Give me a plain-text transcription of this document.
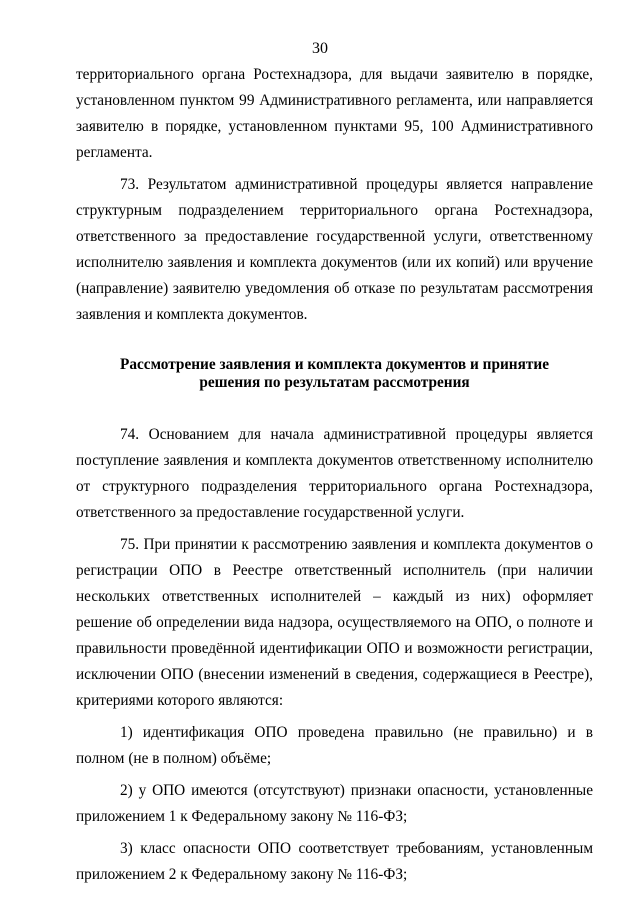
30

территориального органа Ростехнадзора, для выдачи заявителю в порядке, установленном пунктом 99 Административного регламента, или направляется заявителю в порядке, установленном пунктами 95, 100 Административного регламента.

73. Результатом административной процедуры является направление структурным подразделением территориального органа Ростехнадзора, ответственного за предоставление государственной услуги, ответственному исполнителю заявления и комплекта документов (или их копий) или вручение (направление) заявителю уведомления об отказе по результатам рассмотрения заявления и комплекта документов.

Рассмотрение заявления и комплекта документов и принятие
решения по результатам рассмотрения

74. Основанием для начала административной процедуры является поступление заявления и комплекта документов ответственному исполнителю от структурного подразделения территориального органа Ростехнадзора, ответственного за предоставление государственной услуги.

75. При принятии к рассмотрению заявления и комплекта документов о регистрации ОПО в Реестре ответственный исполнитель (при наличии нескольких ответственных исполнителей – каждый из них) оформляет решение об определении вида надзора, осуществляемого на ОПО, о полноте и правильности проведённой идентификации ОПО и возможности регистрации, исключении ОПО (внесении изменений в сведения, содержащиеся в Реестре), критериями которого являются:

1) идентификация ОПО проведена правильно (не правильно) и в полном (не в полном) объёме;

2) у ОПО имеются (отсутствуют) признаки опасности, установленные приложением 1 к Федеральному закону № 116-ФЗ;

3) класс опасности ОПО соответствует требованиям, установленным приложением 2 к Федеральному закону № 116-ФЗ;
